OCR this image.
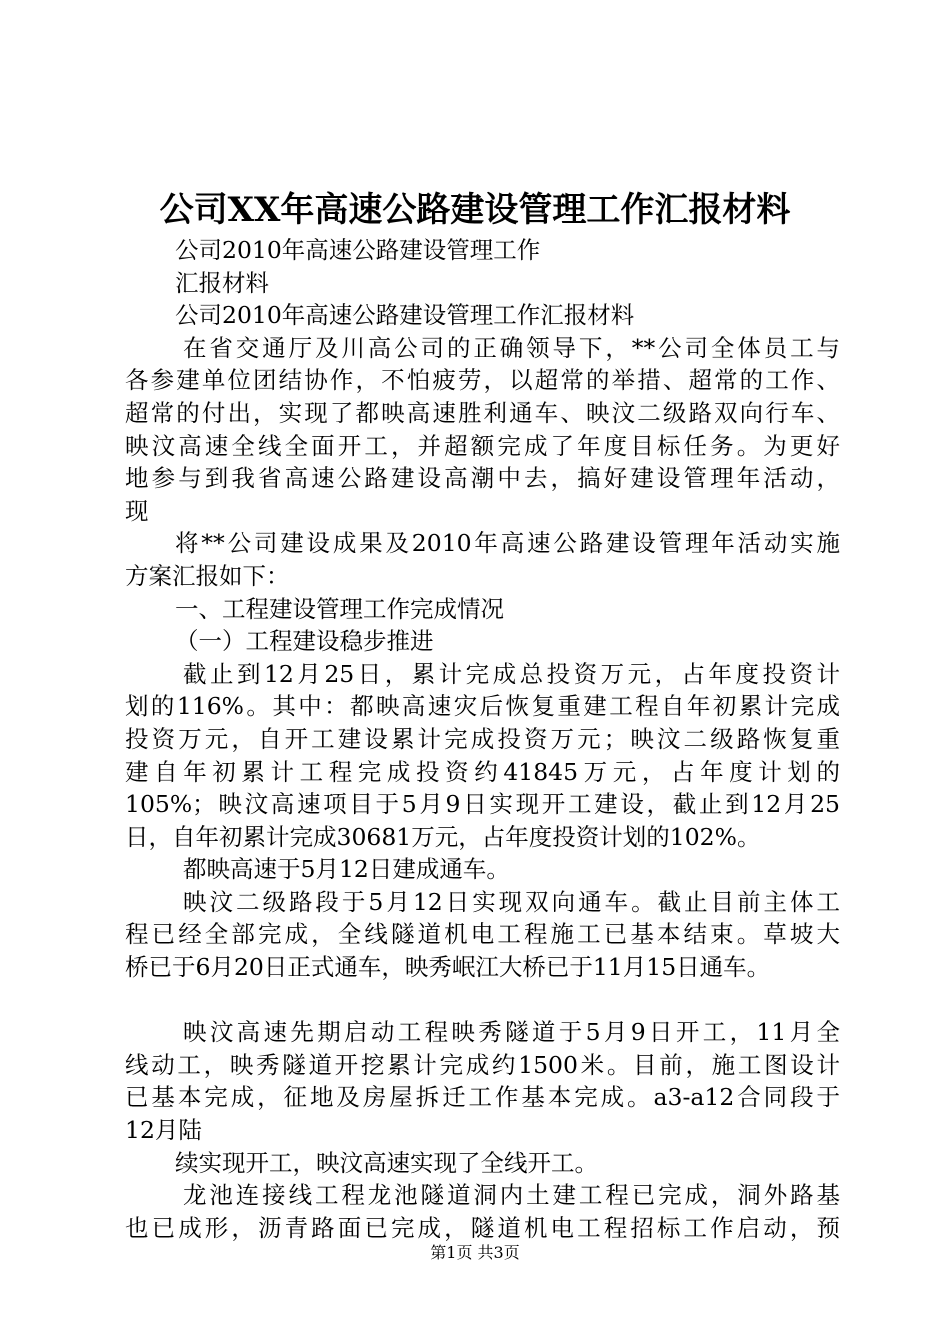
公司XX年高速公路建设管理工作汇报材料
公司2010年高速公路建设管理工作
汇报材料
公司2010年高速公路建设管理工作汇报材料
在省交通厅及川高公司的正确领导下，**公司全体员工与
各参建单位团结协作，不怕疲劳，以超常的举措、超常的工作、
超常的付出，实现了都映高速胜利通车、映汶二级路双向行车、
映汶高速全线全面开工，并超额完成了年度目标任务。为更好
地参与到我省高速公路建设高潮中去，搞好建设管理年活动，
现
将**公司建设成果及2010年高速公路建设管理年活动实施
方案汇报如下：
一、工程建设管理工作完成情况
（一）工程建设稳步推进
截止到12月25日，累计完成总投资万元，占年度投资计
划的116%。其中：都映高速灾后恢复重建工程自年初累计完成
投资万元，自开工建设累计完成投资万元；映汶二级路恢复重
建自年初累计工程完成投资约41845万元，占年度计划的
105%；映汶高速项目于5月9日实现开工建设，截止到12月25
日，自年初累计完成30681万元，占年度投资计划的102%。
都映高速于5月12日建成通车。
映汶二级路段于5月12日实现双向通车。截止目前主体工
程已经全部完成，全线隧道机电工程施工已基本结束。草坡大
桥已于6月20日正式通车，映秀岷江大桥已于11月15日通车。
映汶高速先期启动工程映秀隧道于5月9日开工，11月全
线动工，映秀隧道开挖累计完成约1500米。目前，施工图设计
已基本完成，征地及房屋拆迁工作基本完成。a3-a12合同段于
12月陆
续实现开工，映汶高速实现了全线开工。
龙池连接线工程龙池隧道洞内土建工程已完成，洞外路基
也已成形，沥青路面已完成，隧道机电工程招标工作启动，预
第1页 共3页
